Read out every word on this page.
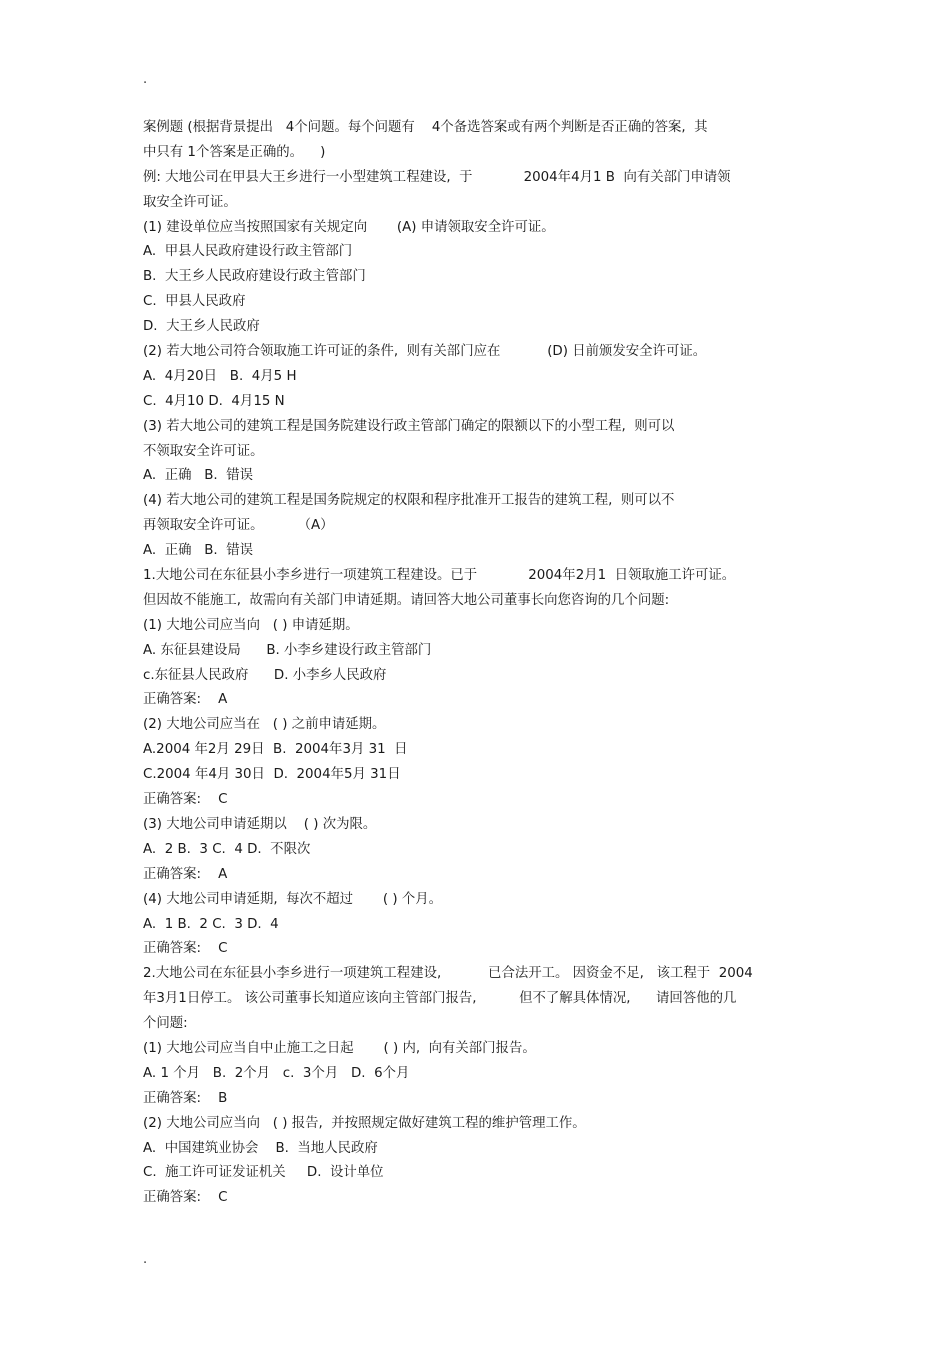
.
案例题 (根据背景提出   4个问题。每个问题有    4个备选答案或有两个判断是否正确的答案,  其
中只有 1个答案是正确的。    )
例: 大地公司在甲县大王乡进行一小型建筑工程建设,  于            2004年4月1 B  向有关部门申请领
取安全许可证。
(1) 建设单位应当按照国家有关规定向       (A) 申请领取安全许可证。
A.  甲县人民政府建设行政主管部门
B.  大王乡人民政府建设行政主管部门
C.  甲县人民政府
D.  大王乡人民政府
(2) 若大地公司符合领取施工许可证的条件,  则有关部门应在           (D) 日前颁发安全许可证。
A.  4月20日   B.  4月5 H
C.  4月10 D.  4月15 N
(3) 若大地公司的建筑工程是国务院建设行政主管部门确定的限额以下的小型工程,  则可以
不领取安全许可证。
A.  正确   B.  错误
(4) 若大地公司的建筑工程是国务院规定的权限和程序批准开工报告的建筑工程,  则可以不
再领取安全许可证。        （A）
A.  正确   B.  错误
1.大地公司在东征县小李乡进行一项建筑工程建设。已于            2004年2月1  日领取施工许可证。
但因故不能施工,  故需向有关部门申请延期。请回答大地公司董事长向您咨询的几个问题:
(1) 大地公司应当向   ( ) 申请延期。
A. 东征县建设局      B. 小李乡建设行政主管部门
c.东征县人民政府      D. 小李乡人民政府
正确答案:    A
(2) 大地公司应当在   ( ) 之前申请延期。
A.2004 年2月 29日  B.  2004年3月 31  日
C.2004 年4月 30日  D.  2004年5月 31日
正确答案:    C
(3) 大地公司申请延期以    ( ) 次为限。
A.  2 B.  3 C.  4 D.  不限次
正确答案:    A
(4) 大地公司申请延期,  每次不超过       ( ) 个月。
A.  1 B.  2 C.  3 D.  4
正确答案:    C
2.大地公司在东征县小李乡进行一项建筑工程建设,           已合法开工。 因资金不足,   该工程于  2004
年3月1日停工。 该公司董事长知道应该向主管部门报告,          但不了解具体情况,      请回答他的几
个问题:
(1) 大地公司应当自中止施工之日起       ( ) 内,  向有关部门报告。
A. 1 个月   B.  2个月   c.  3个月   D.  6个月
正确答案:    B
(2) 大地公司应当向   ( ) 报告,  并按照规定做好建筑工程的维护管理工作。
A.  中国建筑业协会    B.  当地人民政府
C.  施工许可证发证机关     D.  设计单位
正确答案:    C
.
